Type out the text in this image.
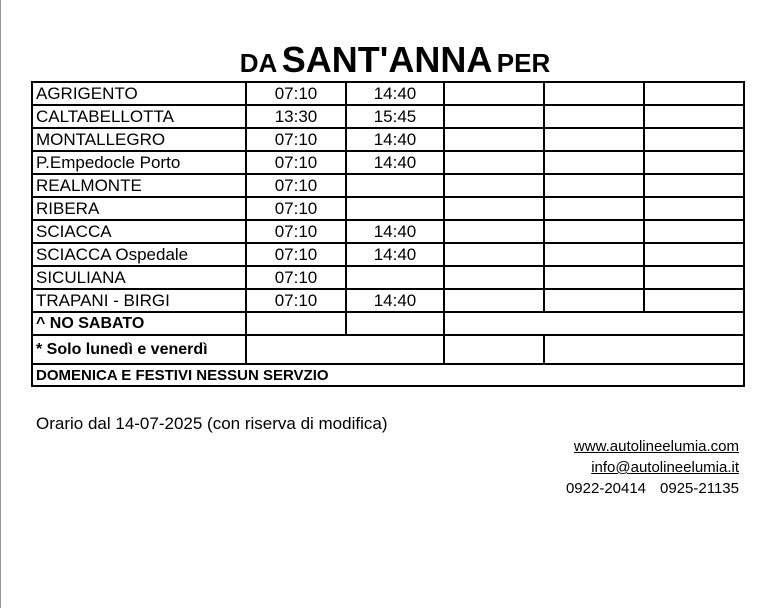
DA SANT'ANNA PER
AGRIGENTO	07:10	14:40			
CALTABELLOTTA	13:30	15:45			
MONTALLEGRO	07:10	14:40			
P.Empedocle Porto	07:10	14:40			
REALMONTE	07:10				
RIBERA	07:10				
SCIACCA	07:10	14:40			
SCIACCA Ospedale	07:10	14:40			
SICULIANA	07:10				
TRAPANI - BIRGI	07:10	14:40			
^ NO SABATO					
* Solo lunedì e venerdì					
DOMENICA E FESTIVI NESSUN SERVZIO					
Orario dal 14-07-2025 (con riserva di modifica)
www.autolineelumia.com
info@autolineelumia.it
0922-20414 0925-21135
